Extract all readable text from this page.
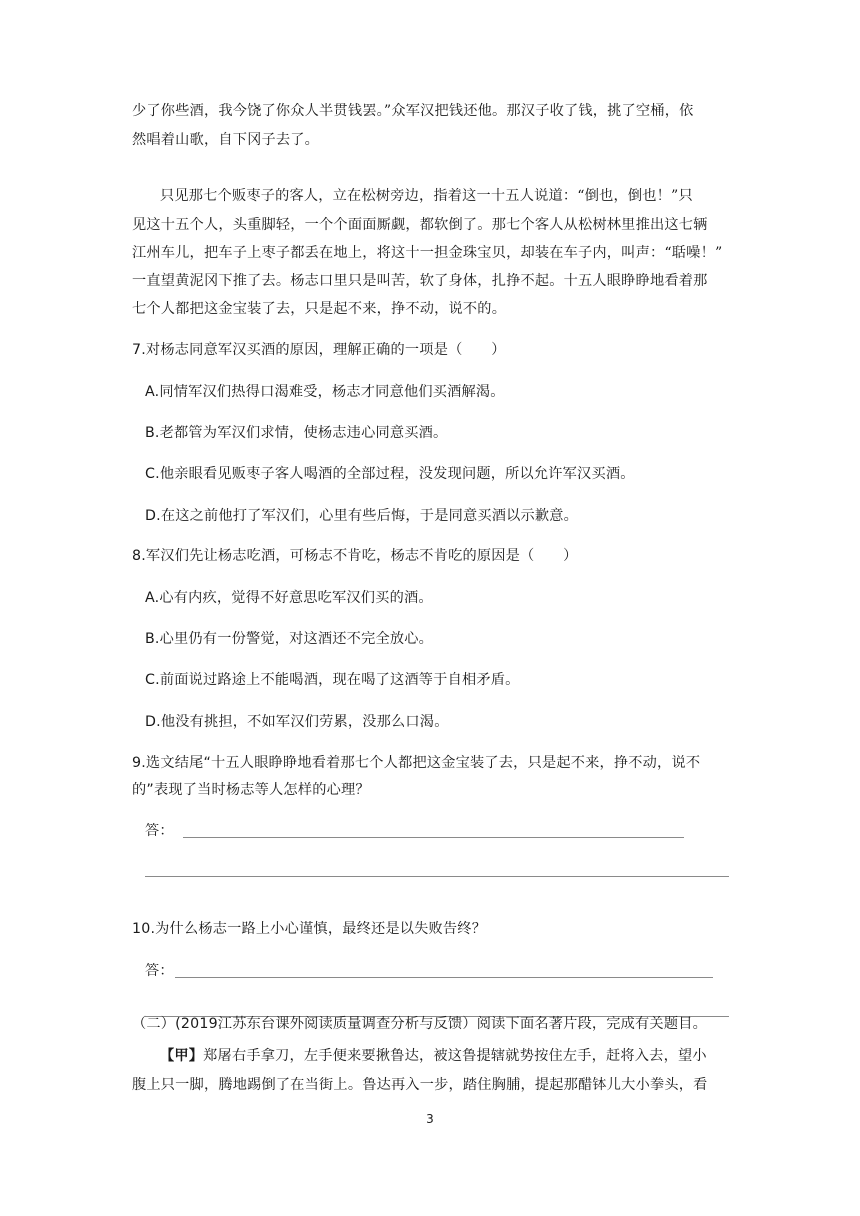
少了你些酒，我今饶了你众人半贯钱罢。”众军汉把钱还他。那汉子收了钱，挑了空桶，依
然唱着山歌，自下冈子去了。
只见那七个贩枣子的客人，立在松树旁边，指着这一十五人说道：“倒也，倒也！”只
见这十五个人，头重脚轻，一个个面面厮觑，都软倒了。那七个客人从松树林里推出这七辆
江州车儿，把车子上枣子都丢在地上，将这十一担金珠宝贝，却装在车子内，叫声：“聒噪！”
一直望黄泥冈下推了去。杨志口里只是叫苦，软了身体，扎挣不起。十五人眼睁睁地看着那
七个人都把这金宝装了去，只是起不来，挣不动，说不的。
7.对杨志同意军汉买酒的原因，理解正确的一项是（　　）
A.同情军汉们热得口渴难受，杨志才同意他们买酒解渴。
B.老都管为军汉们求情，使杨志违心同意买酒。
C.他亲眼看见贩枣子客人喝酒的全部过程，没发现问题，所以允许军汉买酒。
D.在这之前他打了军汉们，心里有些后悔，于是同意买酒以示歉意。
8.军汉们先让杨志吃酒，可杨志不肯吃，杨志不肯吃的原因是（　　）
A.心有内疚，觉得不好意思吃军汉们买的酒。
B.心里仍有一份警觉，对这酒还不完全放心。
C.前面说过路途上不能喝酒，现在喝了这酒等于自相矛盾。
D.他没有挑担，不如军汉们劳累，没那么口渴。
9.选文结尾“十五人眼睁睁地看着那七个人都把这金宝装了去，只是起不来，挣不动，说不
的”表现了当时杨志等人怎样的心理？
答：
10.为什么杨志一路上小心谨慎，最终还是以失败告终？
答：
（二）(2019江苏东台课外阅读质量调查分析与反馈）阅读下面名著片段，完成有关题目。
【甲】郑屠右手拿刀，左手便来要揪鲁达，被这鲁提辖就势按住左手，赶将入去，望小
腹上只一脚，腾地踢倒了在当街上。鲁达再入一步，踏住胸脯，提起那醋钵儿大小拳头，看
3
